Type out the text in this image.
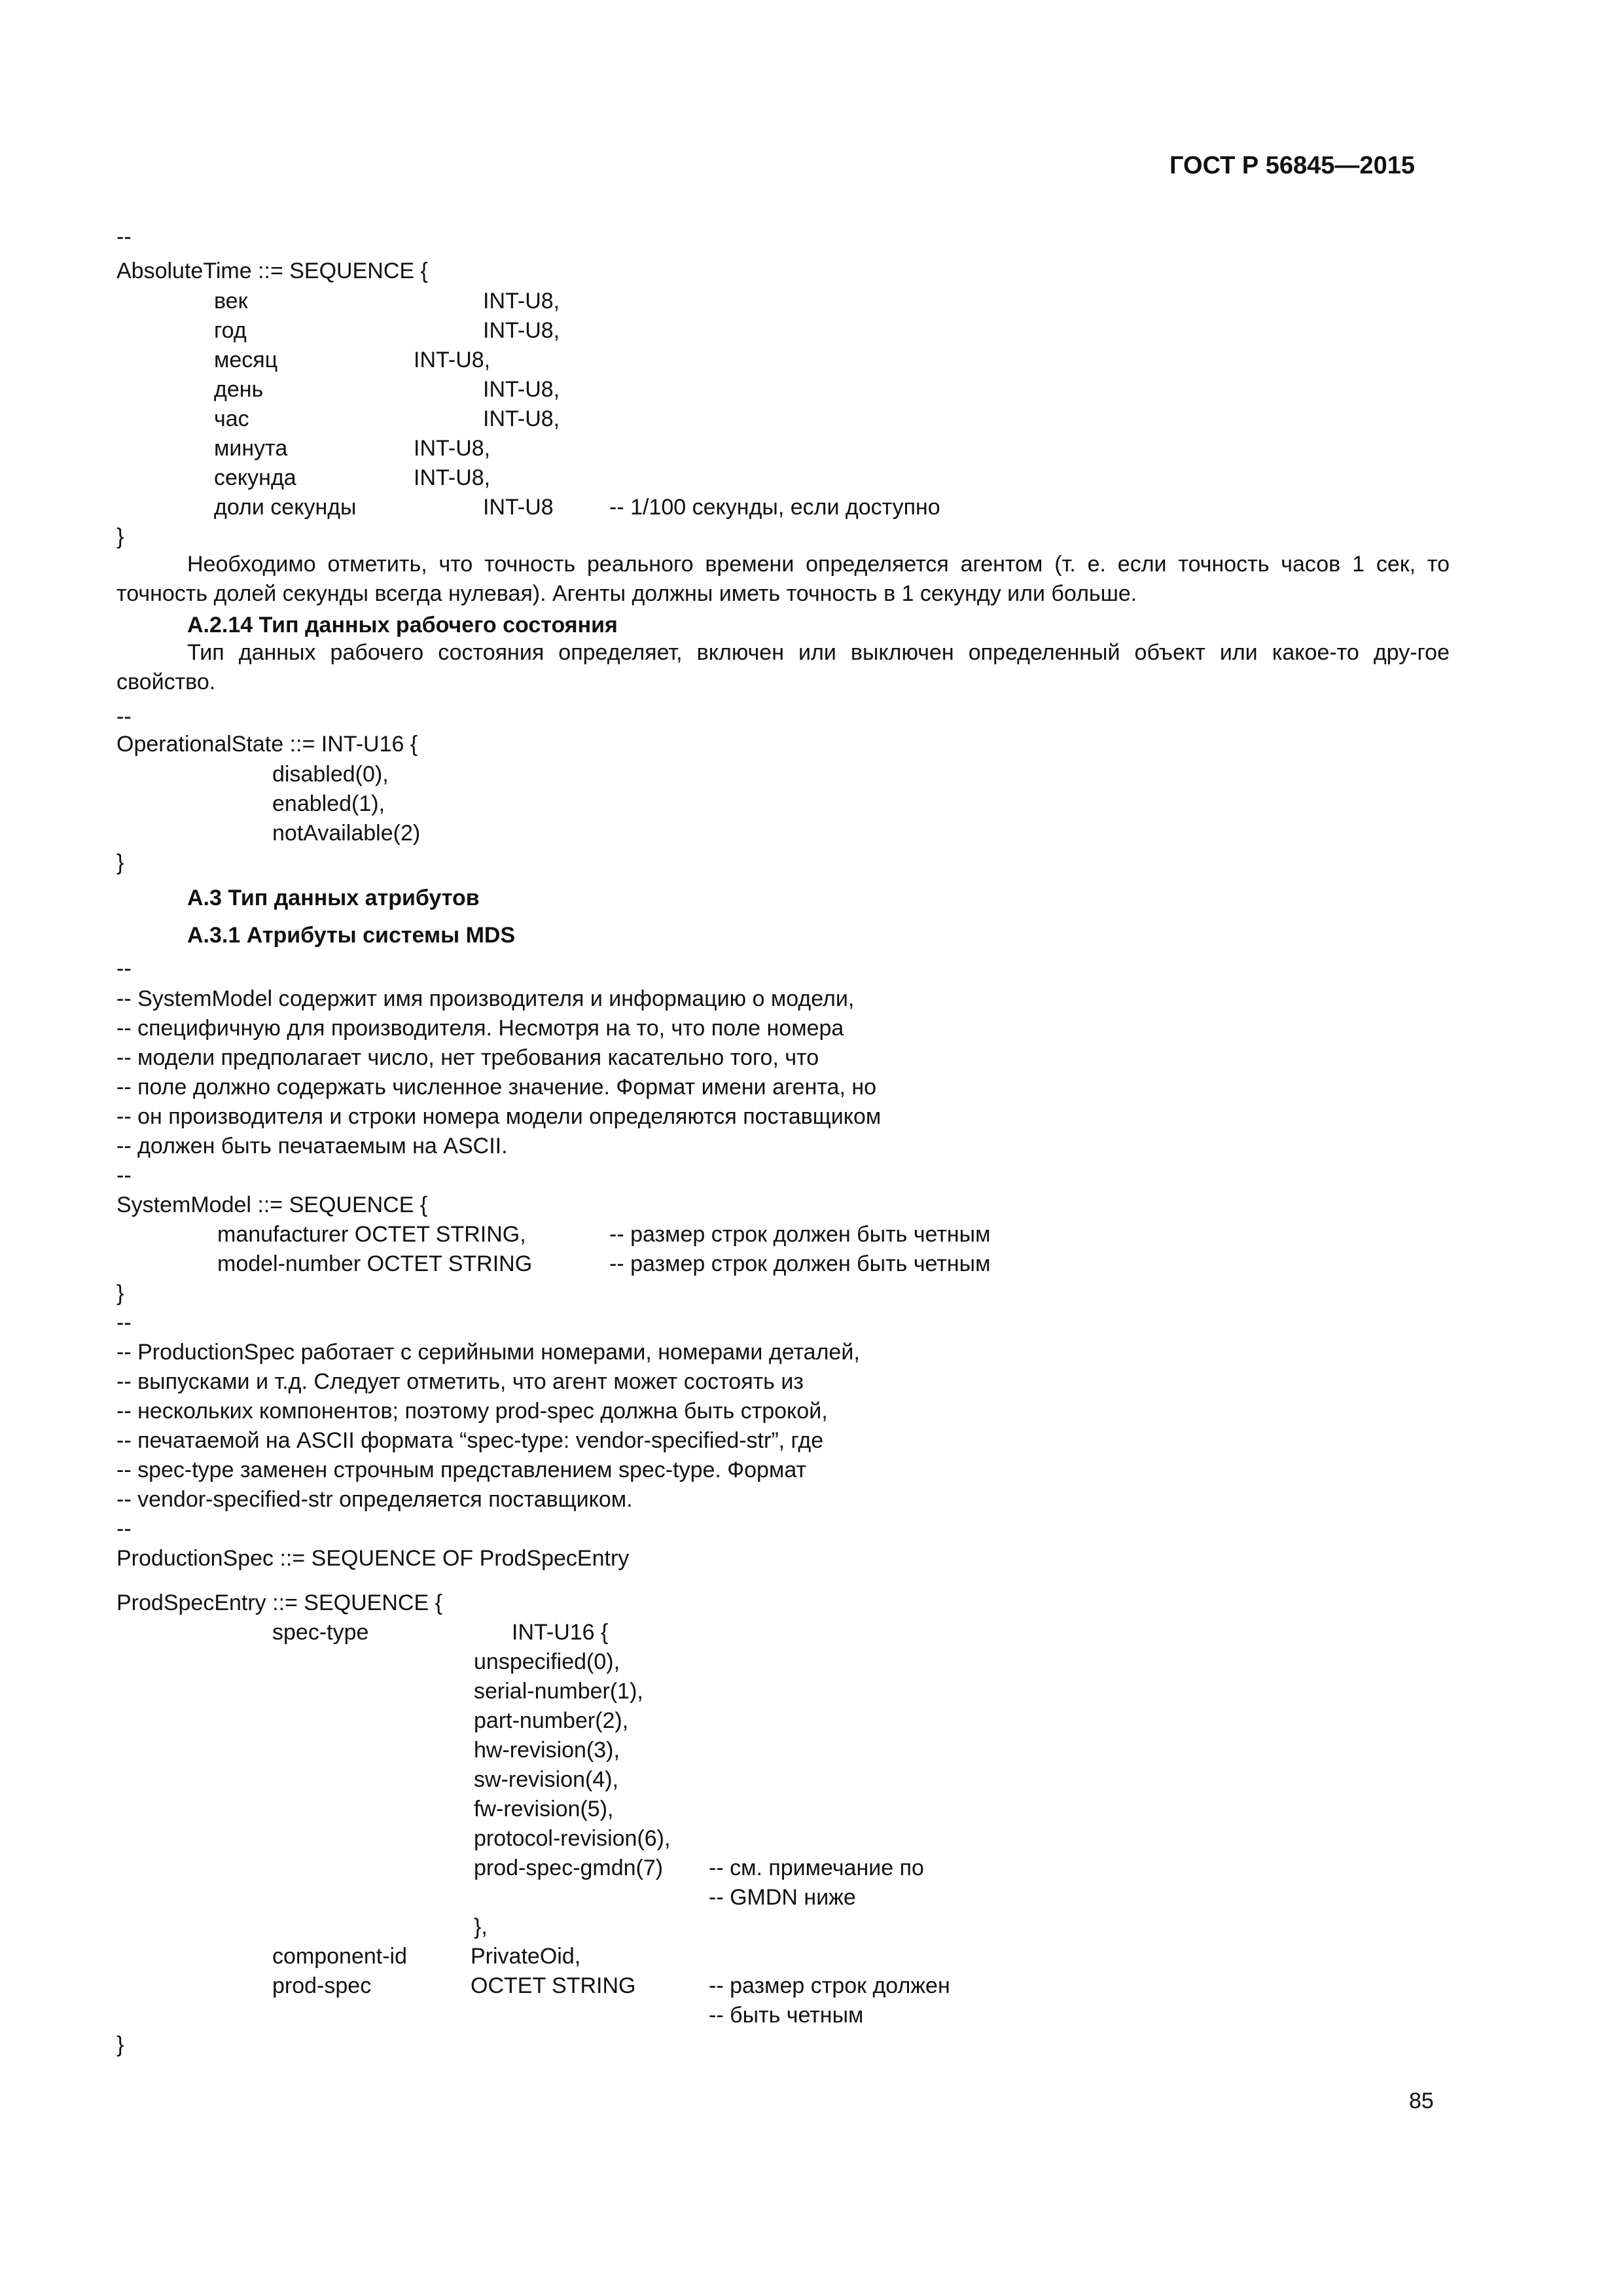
ГОСТ Р 56845—2015
--
AbsoluteTime ::= SEQUENCE {
век	INT-U8,
год	INT-U8,
месяц	INT-U8,
день	INT-U8,
час	INT-U8,
минута	INT-U8,
секунда	INT-U8,
доли секунды	INT-U8	-- 1/100 секунды, если доступно
}
Необходимо отметить, что точность реального времени определяется агентом (т. е. если точность часов 1 сек, то точность долей секунды всегда нулевая). Агенты должны иметь точность в 1 секунду или больше.
А.2.14 Тип данных рабочего состояния
Тип данных рабочего состояния определяет, включен или выключен определенный объект или какое-то дру-гое свойство.
--
OperationalState ::= INT-U16 {
disabled(0),
enabled(1),
notAvailable(2)
}
А.3 Тип данных атрибутов
А.3.1 Атрибуты системы MDS
--
-- SystemModel содержит имя производителя и информацию о модели,
-- специфичную для производителя. Несмотря на то, что поле номера
-- модели предполагает число, нет требования касательно того, что
-- поле должно содержать численное значение. Формат имени агента, но
-- он производителя и строки номера модели определяются поставщиком
-- должен быть печатаемым на ASCII.
--
SystemModel ::= SEQUENCE {
manufacturer OCTET STRING,	-- размер строк должен быть четным
model-number OCTET STRING	-- размер строк должен быть четным
}
--
-- ProductionSpec работает с серийными номерами, номерами деталей,
-- выпусками и т.д. Следует отметить, что агент может состоять из
-- нескольких компонентов; поэтому prod-spec должна быть строкой,
-- печатаемой на ASCII формата “spec-type: vendor-specified-str”, где
-- spec-type заменен строчным представлением spec-type. Формат
-- vendor-specified-str определяется поставщиком.
--
ProductionSpec ::= SEQUENCE OF ProdSpecEntry
ProdSpecEntry ::= SEQUENCE {
spec-type	INT-U16 {
unspecified(0),
serial-number(1),
part-number(2),
hw-revision(3),
sw-revision(4),
fw-revision(5),
protocol-revision(6),
prod-spec-gmdn(7) -- см. примечание по
-- GMDN ниже
},
component-id	PrivateOid,
prod-spec	OCTET STRING	-- размер строк должен
-- быть четным
}
85
